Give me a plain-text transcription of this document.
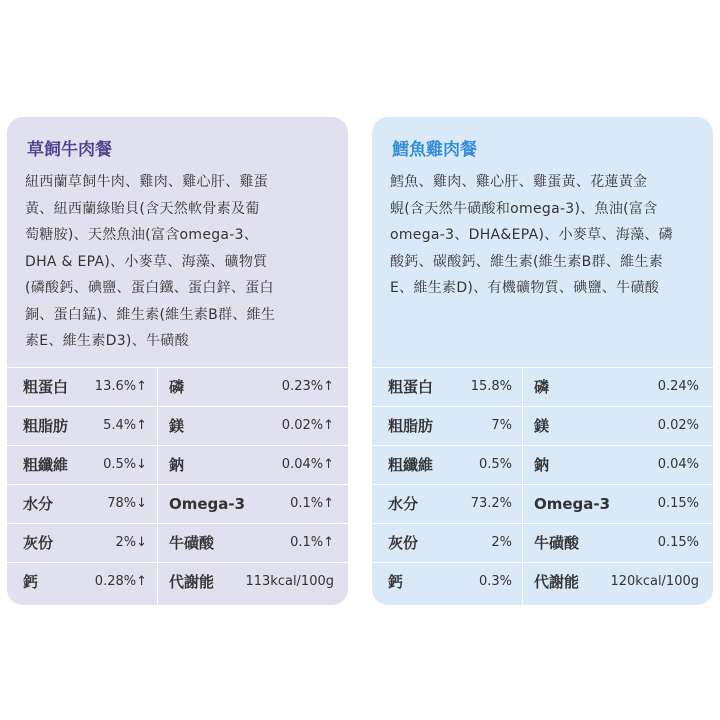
草飼牛肉餐
紐西蘭草飼牛肉、雞肉、雞心肝、雞蛋
黃、紐西蘭綠貽貝(含天然軟骨素及葡
萄糖胺)、天然魚油(富含omega-3、
DHA & EPA)、小麥草、海藻、礦物質
(磷酸鈣、碘鹽、蛋白鐵、蛋白鋅、蛋白
銅、蛋白錳)、維生素(維生素B群、維生
素E、維生素D3)、牛磺酸
粗蛋白	13.6%↑ 磷	0.23%↑
粗脂肪	5.4%↑ 鎂	0.02%↑
粗纖維	0.5%↓ 鈉	0.04%↑
水分	78%↓ Omega-3	0.1%↑
灰份	2%↓ 牛磺酸	0.1%↑
鈣	0.28%↑ 代謝能	113kcal/100g
鱈魚雞肉餐
鱈魚、雞肉、雞心肝、雞蛋黃、花蓮黃金
蜆(含天然牛磺酸和omega-3)、魚油(富含
omega-3、DHA&EPA)、小麥草、海藻、磷
酸鈣、碳酸鈣、維生素(維生素B群、維生素
E、維生素D)、有機礦物質、碘鹽、牛磺酸
粗蛋白	15.8% 磷	0.24%
粗脂肪	7% 鎂	0.02%
粗纖維	0.5% 鈉	0.04%
水分	73.2% Omega-3	0.15%
灰份	2% 牛磺酸	0.15%
鈣	0.3% 代謝能	120kcal/100g
